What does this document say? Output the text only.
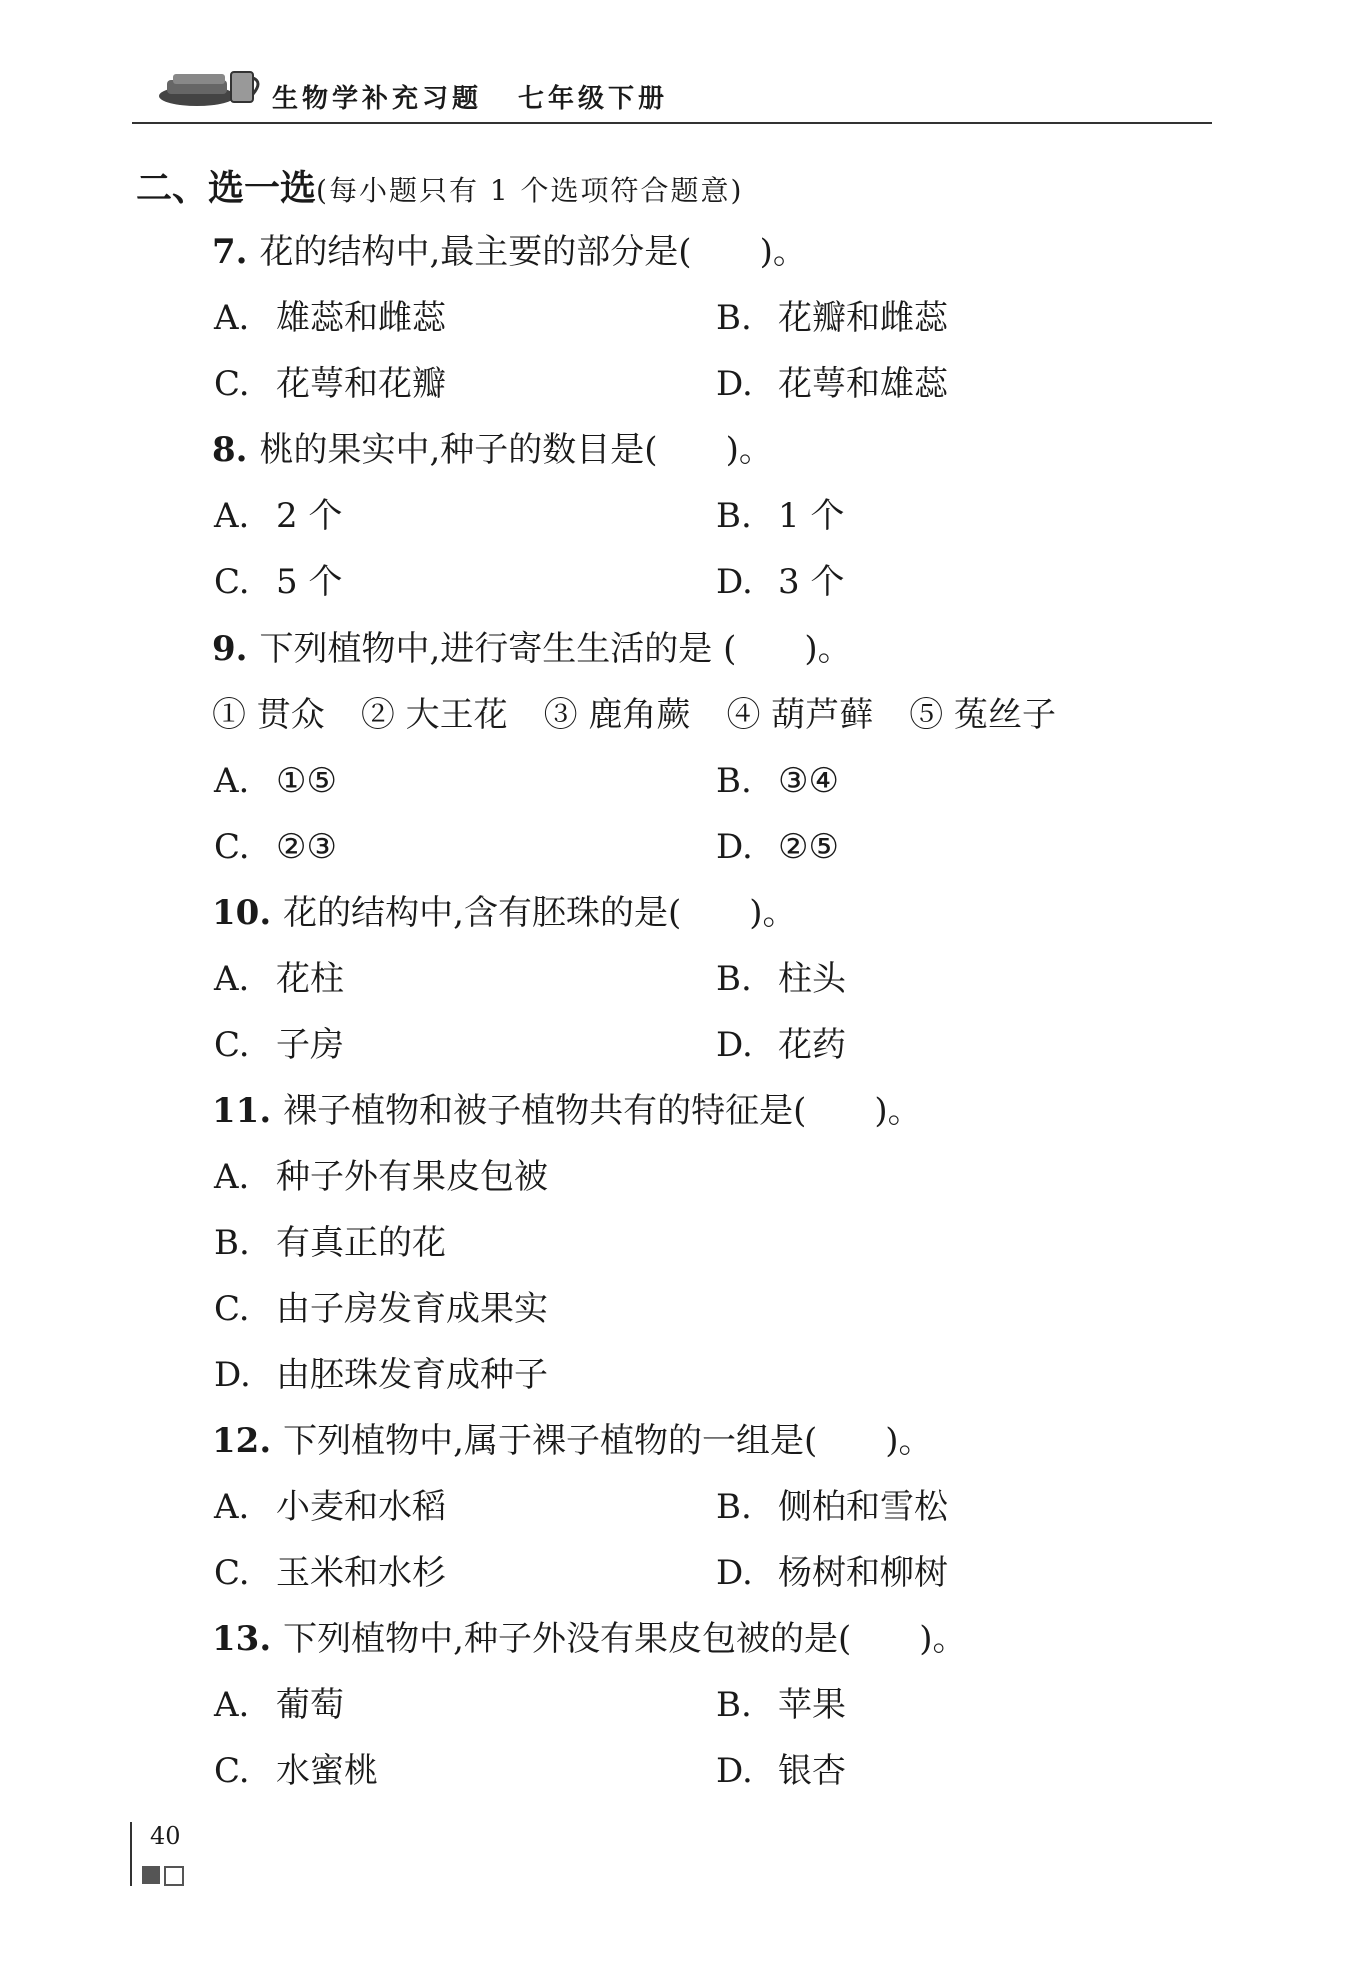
生物学补充习题 七年级下册
二、选一选(每小题只有 1 个选项符合题意)
7. 花的结构中,最主要的部分是(　　)。
A. 雄蕊和雌蕊	B. 花瓣和雌蕊
C. 花萼和花瓣	D. 花萼和雄蕊
8. 桃的果实中,种子的数目是(　　)。
A. 2 个	B. 1 个
C. 5 个	D. 3 个
9. 下列植物中,进行寄生生活的是 (　　)。
① 贯众 ② 大王花 ③ 鹿角蕨 ④ 葫芦藓 ⑤ 菟丝子
A. ①⑤	B. ③④
C. ②③	D. ②⑤
10. 花的结构中,含有胚珠的是(　　)。
A. 花柱	B. 柱头
C. 子房	D. 花药
11. 裸子植物和被子植物共有的特征是(　　)。
A. 种子外有果皮包被
B. 有真正的花
C. 由子房发育成果实
D. 由胚珠发育成种子
12. 下列植物中,属于裸子植物的一组是(　　)。
A. 小麦和水稻	B. 侧柏和雪松
C. 玉米和水杉	D. 杨树和柳树
13. 下列植物中,种子外没有果皮包被的是(　　)。
A. 葡萄	B. 苹果
C. 水蜜桃	D. 银杏
40
